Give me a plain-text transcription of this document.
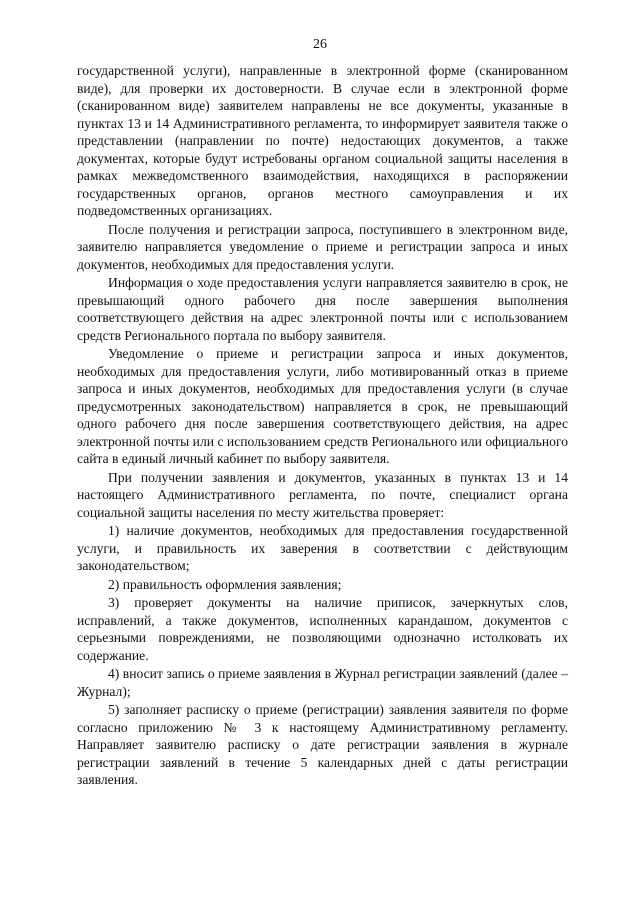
26

государственной услуги), направленные в электронной форме (сканированном виде), для проверки их достоверности. В случае если в электронной форме (сканированном виде) заявителем направлены не все документы, указанные в пунктах 13 и 14 Административного регламента, то информирует заявителя также о представлении (направлении по почте) недостающих документов, а также документах, которые будут истребованы органом социальной защиты населения в рамках межведомственного взаимодействия, находящихся в распоряжении государственных органов, органов местного самоуправления и их подведомственных организациях.

После получения и регистрации запроса, поступившего в электронном виде, заявителю направляется уведомление о приеме и регистрации запроса и иных документов, необходимых для предоставления услуги.

Информация о ходе предоставления услуги направляется заявителю в срок, не превышающий одного рабочего дня после завершения выполнения соответствующего действия на адрес электронной почты или с использованием средств Регионального портала по выбору заявителя.

Уведомление о приеме и регистрации запроса и иных документов, необходимых для предоставления услуги, либо мотивированный отказ в приеме запроса и иных документов, необходимых для предоставления услуги (в случае предусмотренных законодательством) направляется в срок, не превышающий одного рабочего дня после завершения соответствующего действия, на адрес электронной почты или с использованием средств Регионального или официального сайта в единый личный кабинет по выбору заявителя.

При получении заявления и документов, указанных в пунктах 13 и 14 настоящего Административного регламента, по почте, специалист органа социальной защиты населения по месту жительства проверяет:

1) наличие документов, необходимых для предоставления государственной услуги, и правильность их заверения в соответствии с действующим законодательством;

2) правильность оформления заявления;

3) проверяет документы на наличие приписок, зачеркнутых слов, исправлений, а также документов, исполненных карандашом, документов с серьезными повреждениями, не позволяющими однозначно истолковать их содержание.

4) вносит запись о приеме заявления в Журнал регистрации заявлений (далее – Журнал);

5) заполняет расписку о приеме (регистрации) заявления заявителя по форме согласно приложению № 3 к настоящему Административному регламенту. Направляет заявителю расписку о дате регистрации заявления в журнале регистрации заявлений в течение 5 календарных дней с даты регистрации заявления.
